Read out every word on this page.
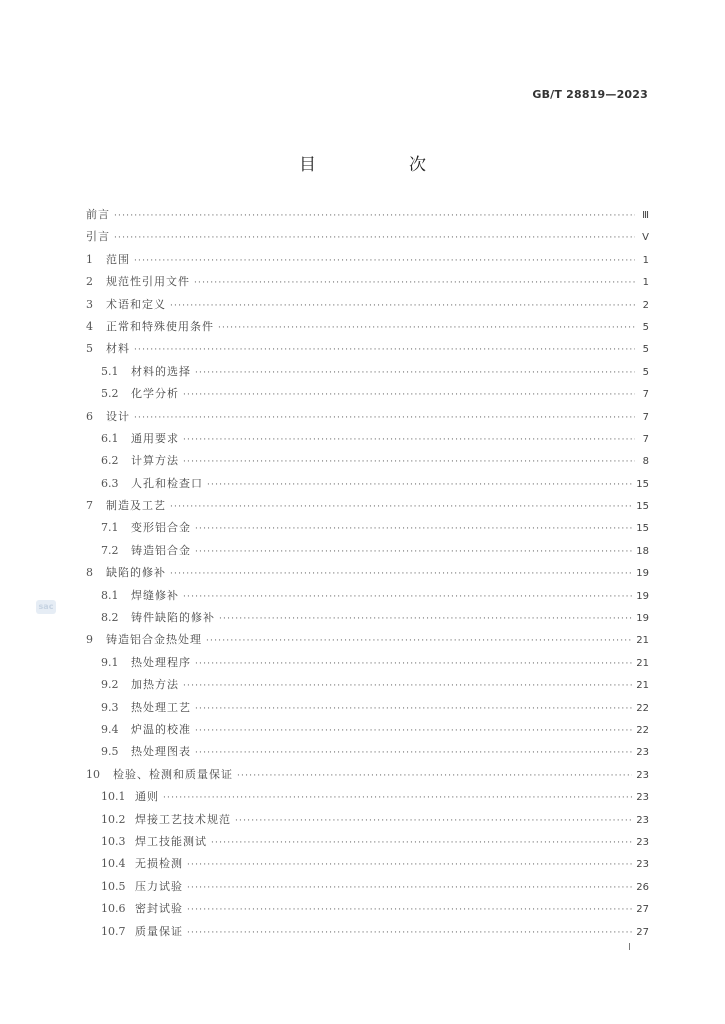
GB/T 28819—2023
目　次
sac
前言 ·····	Ⅲ
引言 ·····	Ⅴ
1	范围 ·····	1
2	规范性引用文件 ·····	1
3	术语和定义 ·····	2
4	正常和特殊使用条件 ·····	5
5	材料 ·····	5
5.1	材料的选择 ·····	5
5.2	化学分析 ·····	7
6	设计 ·····	7
6.1	通用要求 ·····	7
6.2	计算方法 ·····	8
6.3	人孔和检查口 ·····	15
7	制造及工艺 ·····	15
7.1	变形铝合金 ·····	15
7.2	铸造铝合金 ·····	18
8	缺陷的修补 ·····	19
8.1	焊缝修补 ·····	19
8.2	铸件缺陷的修补 ·····	19
9	铸造铝合金热处理 ·····	21
9.1	热处理程序 ·····	21
9.2	加热方法 ·····	21
9.3	热处理工艺 ·····	22
9.4	炉温的校准 ·····	22
9.5	热处理图表 ·····	23
10	检验、检测和质量保证 ·····	23
10.1 通则 ·····	23
10.2 焊接工艺技术规范 ·····	23
10.3 焊工技能测试 ·····	23
10.4 无损检测 ·····	23
10.5 压力试验 ·····	26
10.6 密封试验 ·····	27
10.7 质量保证 ·····	27
I
